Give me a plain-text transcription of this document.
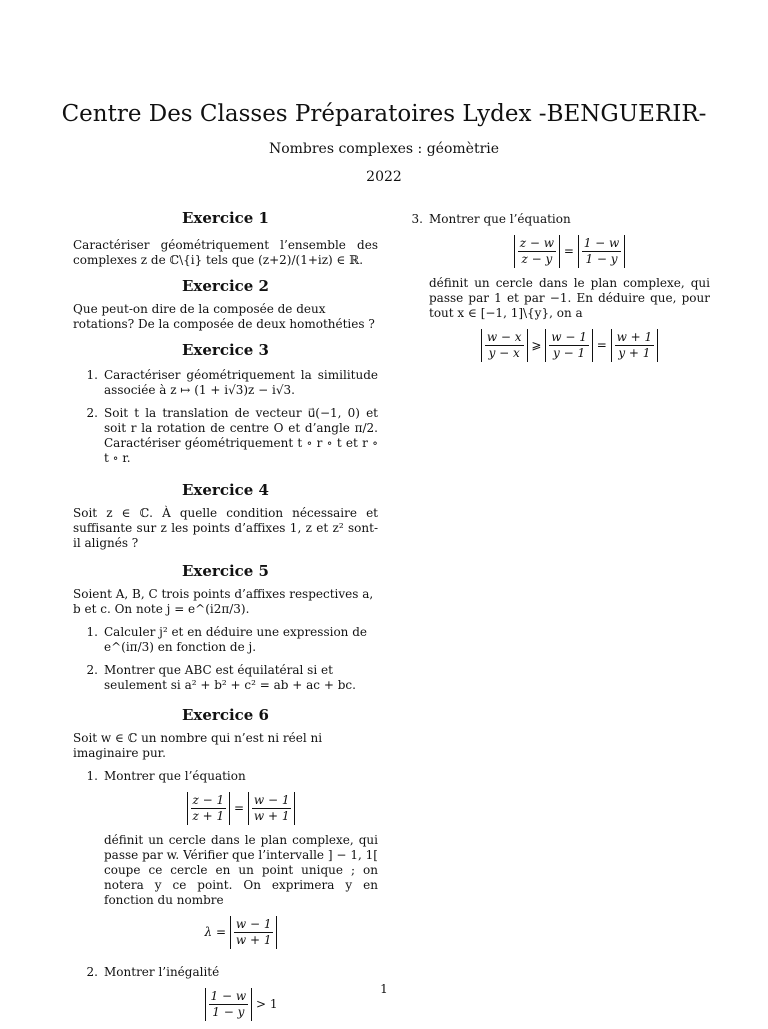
Centre Des Classes Préparatoires Lydex -BENGUERIR-
Nombres complexes : géomètrie
2022
Exercice 1

Caractériser géométriquement l’ensemble des complexes z de ℂ\{i} tels que (z+2)/(1+iz) ∈ ℝ.

Exercice 2

Que peut-on dire de la composée de deux rotations? De la composée de deux homothéties ?

Exercice 3
1. Caractériser géométriquement la similitude associée à z ↦ (1 + i√3)z − i√3.
2. Soit t la translation de vecteur u⃗(−1, 0) et soit r la rotation de centre O et d’angle π/2. Caractériser géométriquement t ∘ r ∘ t et r ∘ t ∘ r.
Exercice 4

Soit z ∈ ℂ. À quelle condition nécessaire et suffisante sur z les points d’affixes 1, z et z² sont-il alignés ?

Exercice 5

Soient A, B, C trois points d’affixes respectives a, b et c. On note j = e^(i2π/3).

1. Calculer j² et en déduire une expression de e^(iπ/3) en fonction de j.
2. Montrer que ABC est équilatéral si et seulement si a² + b² + c² = ab + ac + bc.
Exercice 6

Soit w ∈ ℂ un nombre qui n’est ni réel ni imaginaire pur.

1. Montrer que l’équation
$\frac{z - 1}{z + 1} = \frac{w - 1}{w + 1}$

définit un cercle dans le plan complexe, qui passe par w. Vérifier que l’intervalle ] − 1, 1[ coupe ce cercle en un point unique ; on notera y ce point. On exprimera y en fonction du nombre

$\lambda = \frac{w - 1}{w + 1}$
2. Montrer l’inégalité
$\frac{1 - w}{1 - y} > 1$
3. Montrer que l’équation
$\frac{z - w}{z - y} = \frac{1 - w}{1 - y}$

définit un cercle dans le plan complexe, qui passe par 1 et par −1. En déduire que, pour tout x ∈ [−1, 1]\{y}, on a

$\frac{w - x}{y - x}$ ⩾ $\frac{w - 1}{y - 1} = \frac{w + 1}{y + 1}$
1
